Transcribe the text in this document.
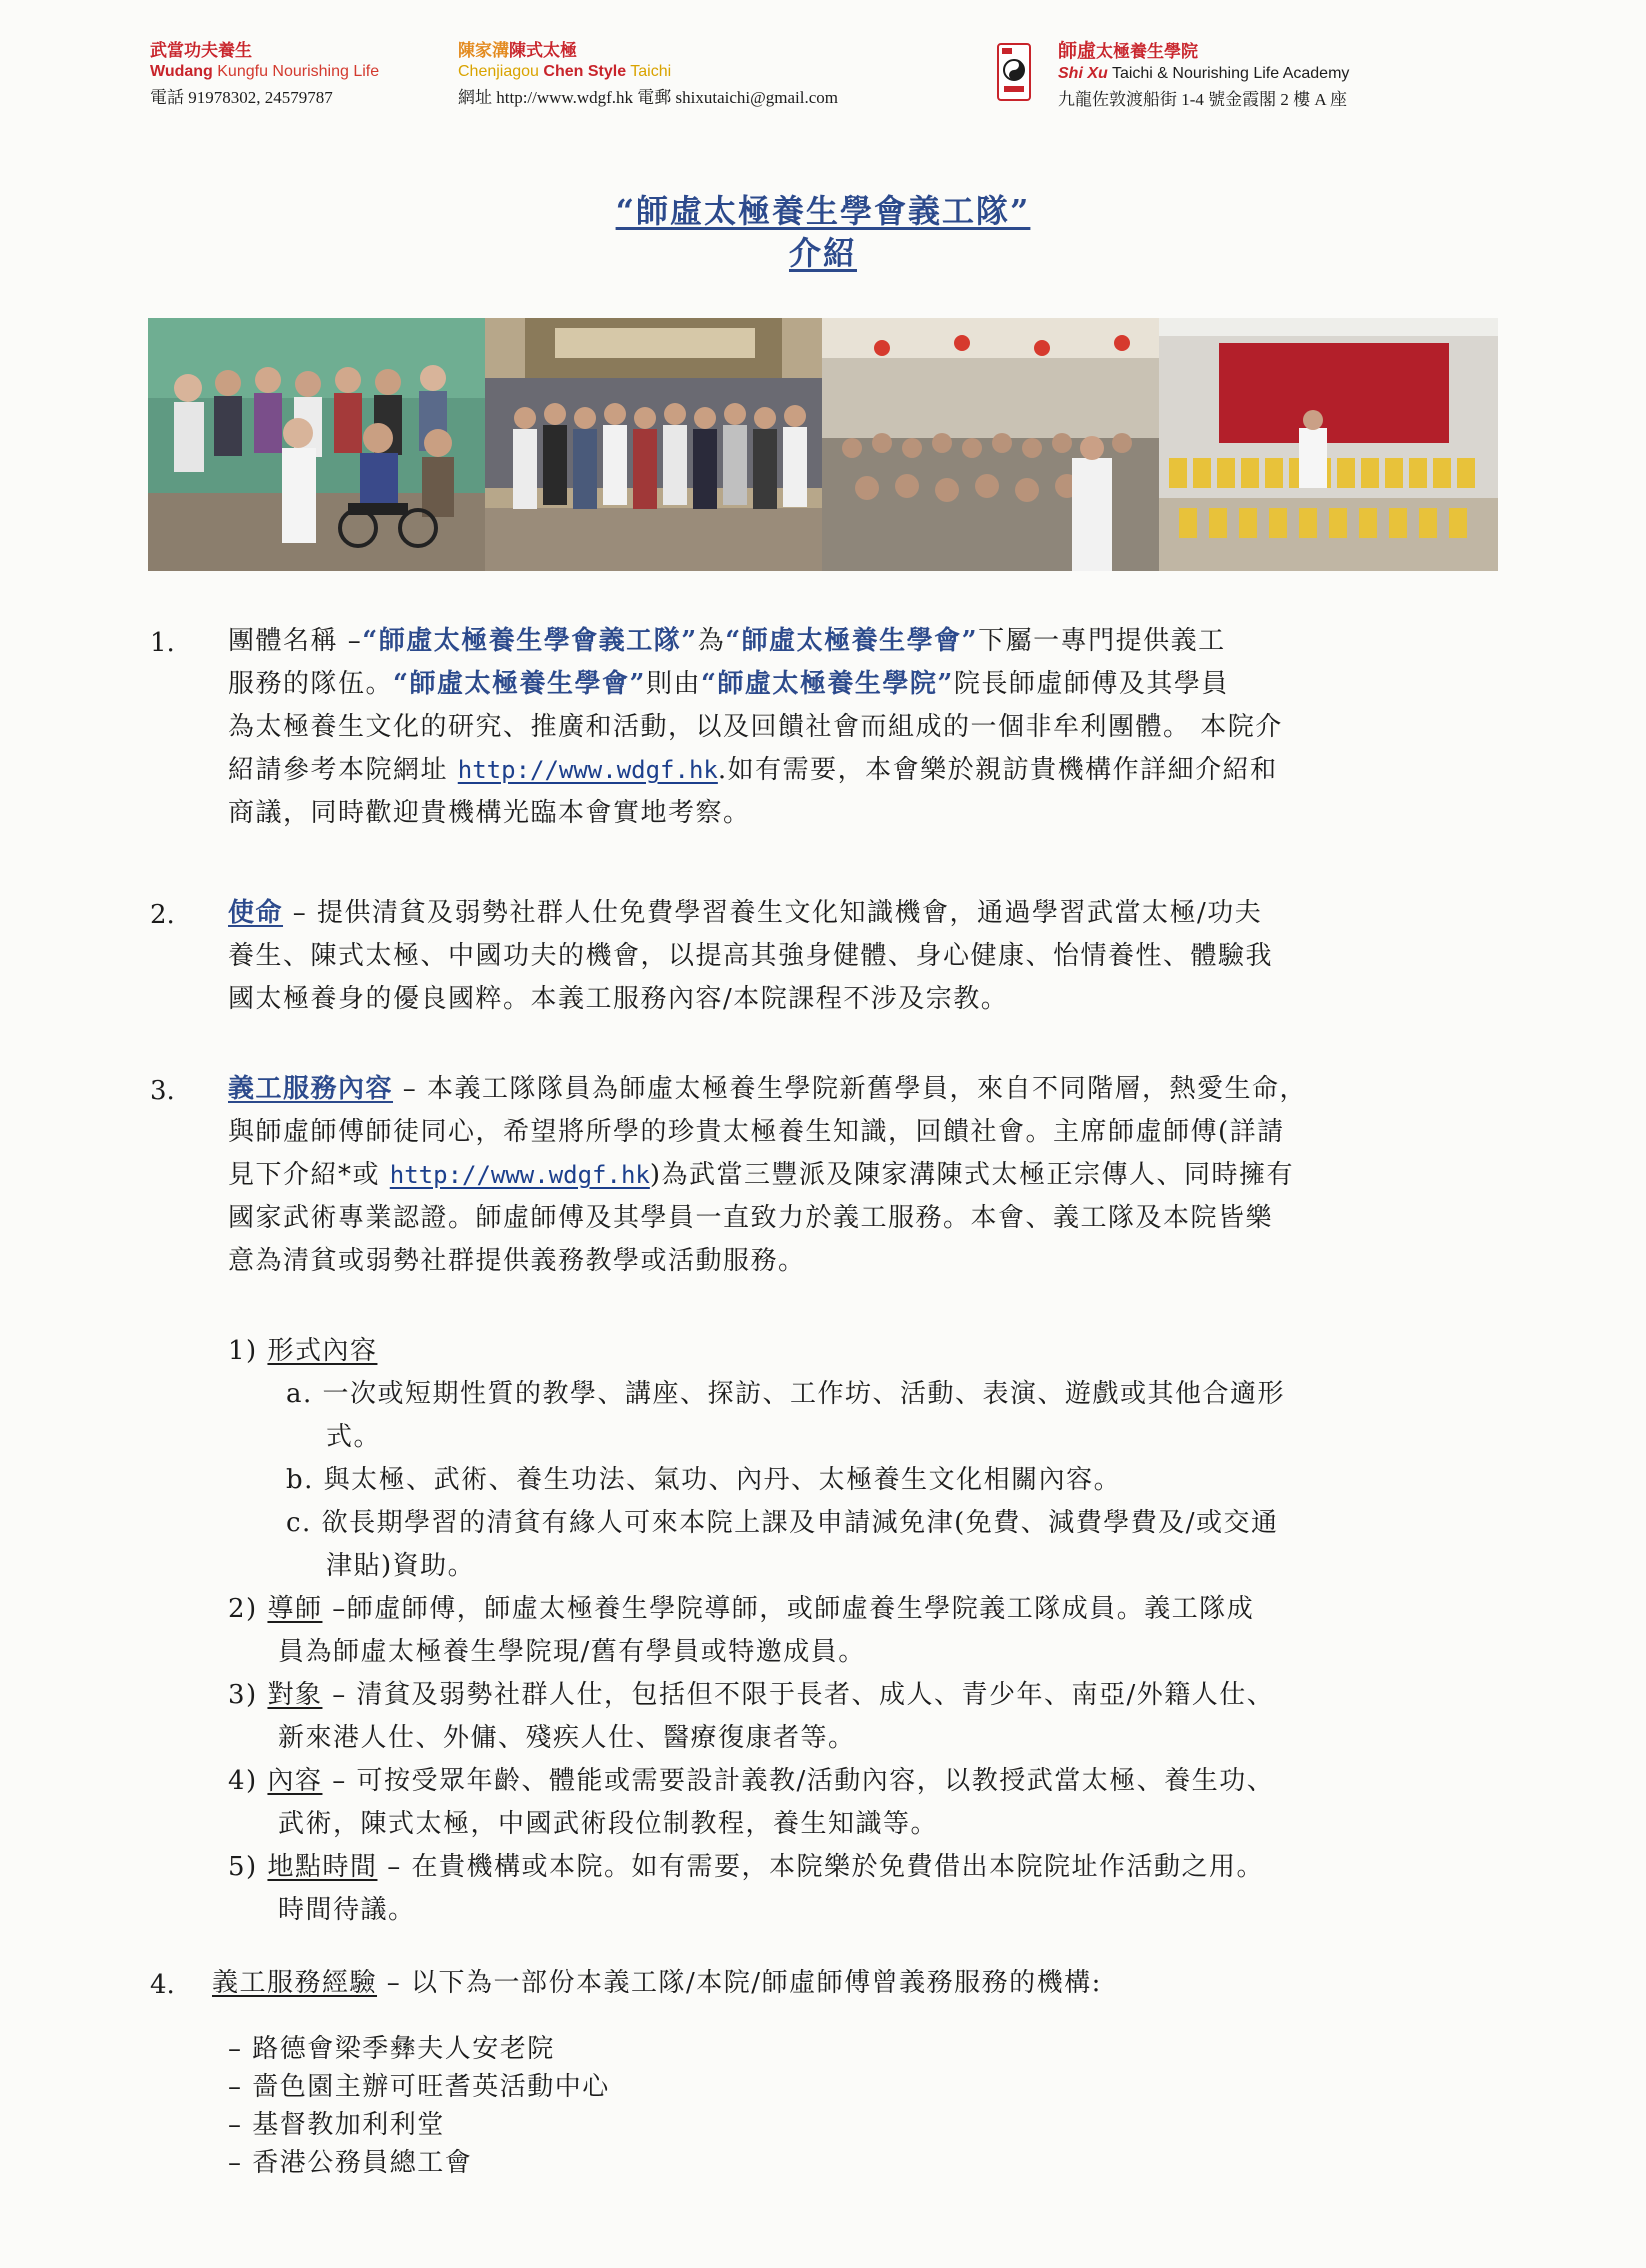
武當功夫養生
Wudang Kungfu Nourishing Life
電話 91978302, 24579787
陳家溝陳式太極
Chenjiagou Chen Style Taichi
網址 http://www.wdgf.hk 電郵 shixutaichi@gmail.com
師虛太極養生學院
Shi Xu Taichi & Nourishing Life Academy
九龍佐敦渡船街 1-4 號金霞閣 2 樓 A 座
“師虛太極養生學會義工隊”
介紹
1. 團體名稱 –“師虛太極養生學會義工隊”為“師虛太極養生學會”下屬一專門提供義工
服務的隊伍。“師虛太極養生學會”則由“師虛太極養生學院”院長師虛師傅及其學員
為太極養生文化的研究、推廣和活動，以及回饋社會而組成的一個非牟利團體。 本院介
紹請參考本院網址 http://www.wdgf.hk.如有需要，本會樂於親訪貴機構作詳細介紹和
商議，同時歡迎貴機構光臨本會實地考察。
2. 使命 – 提供清貧及弱勢社群人仕免費學習養生文化知識機會，通過學習武當太極/功夫
養生、陳式太極、中國功夫的機會，以提高其強身健體、身心健康、怡情養性、體驗我
國太極養身的優良國粹。本義工服務內容/本院課程不涉及宗教。
3. 義工服務內容 – 本義工隊隊員為師虛太極養生學院新舊學員，來自不同階層，熱愛生命，
與師虛師傅師徒同心，希望將所學的珍貴太極養生知識，回饋社會。主席師虛師傅(詳請
見下介紹*或 http://www.wdgf.hk)為武當三豐派及陳家溝陳式太極正宗傳人、同時擁有
國家武術專業認證。師虛師傅及其學員一直致力於義工服務。本會、義工隊及本院皆樂
意為清貧或弱勢社群提供義務教學或活動服務。
1) 形式內容
a. 一次或短期性質的教學、講座、探訪、工作坊、活動、表演、遊戲或其他合適形
式。
b. 與太極、武術、養生功法、氣功、內丹、太極養生文化相關內容。
c. 欲長期學習的清貧有緣人可來本院上課及申請減免津(免費、減費學費及/或交通
津貼)資助。
2) 導師 –師虛師傅，師虛太極養生學院導師，或師虛養生學院義工隊成員。義工隊成
員為師虛太極養生學院現/舊有學員或特邀成員。
3) 對象 – 清貧及弱勢社群人仕，包括但不限于長者、成人、青少年、南亞/外籍人仕、
新來港人仕、外傭、殘疾人仕、醫療復康者等。
4) 內容 – 可按受眾年齡、體能或需要設計義教/活動內容，以教授武當太極、養生功、
武術，陳式太極，中國武術段位制教程，養生知識等。
5) 地點時間 – 在貴機構或本院。如有需要，本院樂於免費借出本院院址作活動之用。
時間待議。
4. 義工服務經驗 – 以下為一部份本義工隊/本院/師虛師傅曾義務服務的機構:
– 路德會梁季彝夫人安老院
– 嗇色園主辦可旺耆英活動中心
– 基督教加利利堂
– 香港公務員總工會
